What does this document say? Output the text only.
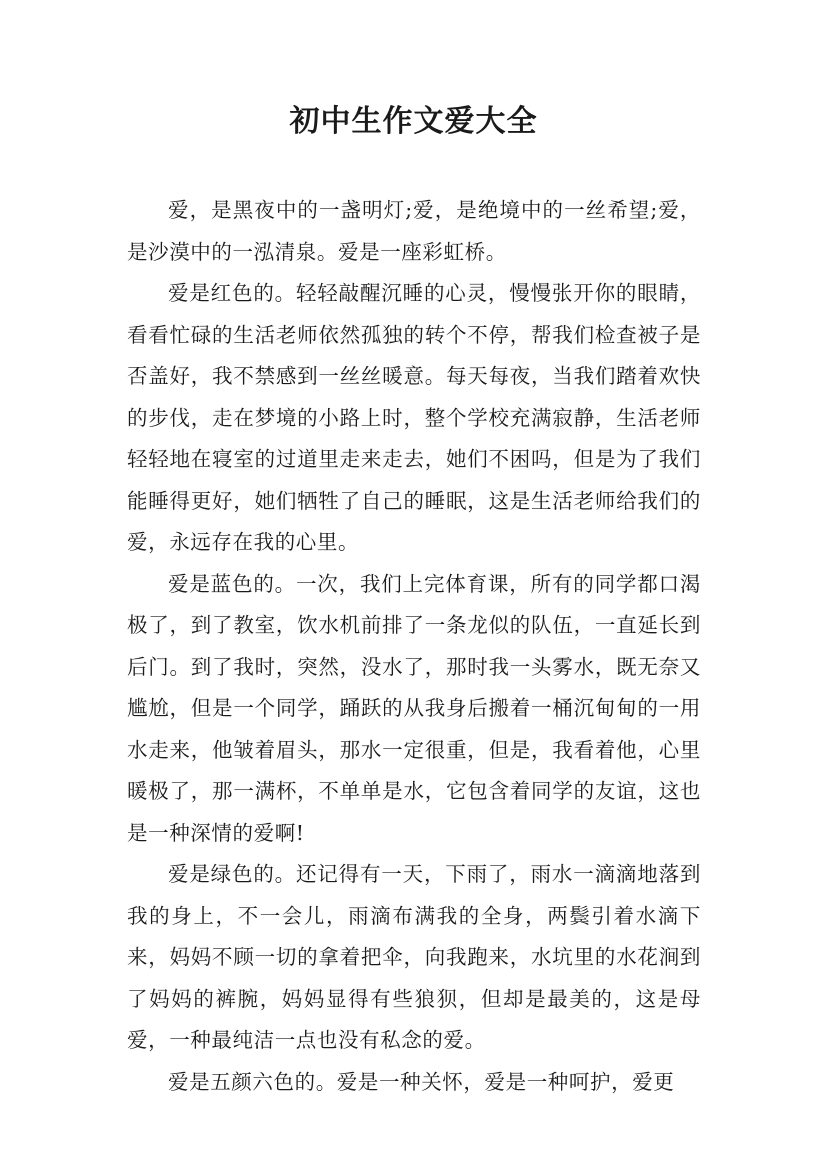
初中生作文爱大全

爱，是黑夜中的一盏明灯;爱，是绝境中的一丝希望;爱，是沙漠中的一泓清泉。爱是一座彩虹桥。

爱是红色的。轻轻敲醒沉睡的心灵，慢慢张开你的眼睛，看看忙碌的生活老师依然孤独的转个不停，帮我们检查被子是否盖好，我不禁感到一丝丝暖意。每天每夜，当我们踏着欢快的步伐，走在梦境的小路上时，整个学校充满寂静，生活老师轻轻地在寝室的过道里走来走去，她们不困吗，但是为了我们能睡得更好，她们牺牲了自己的睡眠，这是生活老师给我们的爱，永远存在我的心里。

爱是蓝色的。一次，我们上完体育课，所有的同学都口渴极了，到了教室，饮水机前排了一条龙似的队伍，一直延长到后门。到了我时，突然，没水了，那时我一头雾水，既无奈又尴尬，但是一个同学，踊跃的从我身后搬着一桶沉甸甸的一用水走来，他皱着眉头，那水一定很重，但是，我看着他，心里暖极了，那一满杯，不单单是水，它包含着同学的友谊，这也是一种深情的爱啊!

爱是绿色的。还记得有一天，下雨了，雨水一滴滴地落到我的身上，不一会儿，雨滴布满我的全身，两鬓引着水滴下来，妈妈不顾一切的拿着把伞，向我跑来，水坑里的水花涧到了妈妈的裤腕，妈妈显得有些狼狈，但却是最美的，这是母爱，一种最纯洁一点也没有私念的爱。

爱是五颜六色的。爱是一种关怀，爱是一种呵护，爱更
